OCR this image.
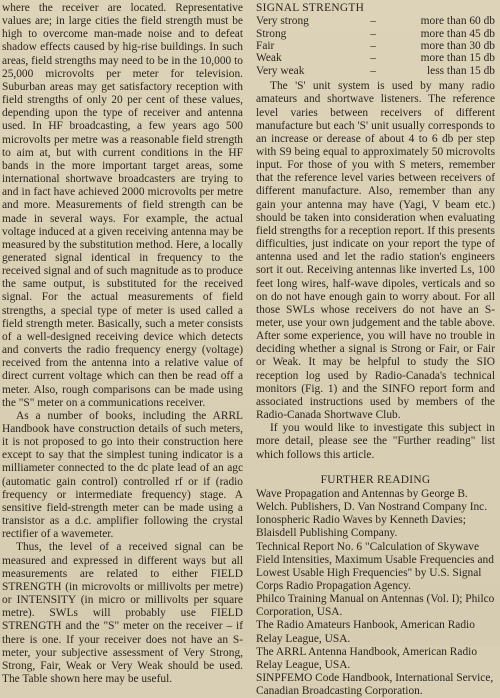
where the receiver are located. Representative values are; in large cities the field strength must be high to overcome man-made noise and to defeat shadow effects caused by hig-rise buildings. In such areas, field strengths may need to be in the 10,000 to 25,000 microvolts per meter for television. Suburban areas may get satisfactory reception with field strengths of only 20 per cent of these values, depending upon the type of receiver and antenna used. In HF broadcasting, a few years ago 500 microvolts per metre was a reasonable field strength to aim at, but with current conditions in the HF bands in the more important target areas, some international shortwave broadcasters are trying to and in fact have achieved 2000 microvolts per metre and more. Measurements of field strength can be made in several ways. For example, the actual voltage induced at a given receiving antenna may be measured by the substitution method. Here, a locally generated signal identical in frequency to the received signal and of such magnitude as to produce the same output, is substituted for the received signal. For the actual measurements of field strengths, a special type of meter is used called a field strength meter. Basically, such a meter consists of a well-designed receiving device which detects and converts the radio frequency energy (voltage) received from the antenna into a relative value of direct current voltage which can then be read off a meter. Also, rough comparisons can be made using the "S" meter on a communications receiver.

As a number of books, including the ARRL Handbook have construction details of such meters, it is not proposed to go into their construction here except to say that the simplest tuning indicator is a milliameter connected to the dc plate lead of an agc (automatic gain control) controlled rf or if (radio frequency or intermediate frequency) stage. A sensitive field-strength meter can be made using a transistor as a d.c. amplifier following the crystal rectifier of a wavemeter.

Thus, the level of a received signal can be measured and expressed in different ways but all measurements are related to either FIELD STRENGTH (in microvolts or millivolts per metre) or INTENSITY (in micro or millivolts per square metre). SWLs will probably use FIELD STRENGTH and the "S" meter on the receiver – if there is one. If your receiver does not have an S-meter, your subjective assessment of Very Strong, Strong, Fair, Weak or Very Weak should be used. The Table shown here may be useful.

SIGNAL STRENGTH
Very strong	–	more than 60 db
Strong	–	more than 45 db
Fair	–	more than 30 db
Weak	–	more than 15 db
Very weak	–	less than 15 db

The 'S' unit system is used by many radio amateurs and shortwave listeners. The reference level varies between receivers of different manufacture but each 'S' unit usually corresponds to an increase or derease of about 4 to 6 db per step with S9 being equal to approximately 50 microvolts input. For those of you with S meters, remember that the reference level varies between receivers of different manufacture. Also, remember than any gain your antenna may have (Yagi, V beam etc.) should be taken into consideration when evaluating field strengths for a reception report. If this presents difficulties, just indicate on your report the type of antenna used and let the radio station's engineers sort it out. Receiving antennas like inverted Ls, 100 feet long wires, half-wave dipoles, verticals and so on do not have enough gain to worry about. For all those SWLs whose receivers do not have an S-meter, use your own judgement and the table above. After some experience, you will have no trouble in deciding whether a signal is Strong or Fair, or Fair or Weak. It may be helpful to study the SIO reception log used by Radio-Canada's technical monitors (Fig. 1) and the SINFO report form and associated instructions used by members of the Radio-Canada Shortwave Club.

If you would like to investigate this subject in more detail, please see the "Further reading" list which follows this article.

FURTHER READING

Wave Propagation and Antennas by George B. Welch. Publishers, D. Van Nostrand Company Inc.

Ionospheric Radio Waves by Kenneth Davies; Blaisdell Publishing Company.

Technical Report No. 6 "Calculation of Skywave Field Intensities, Maximum Usable Frequencies and Lowest Usable High Frequencies" by U.S. Signal Corps Radio Propagation Agency.

Philco Training Manual on Antennas (Vol. I); Philco Corporation, USA.

The Radio Amateurs Hanbook, American Radio Relay League, USA.

The ARRL Antenna Handbook, American Radio Relay League, USA.

SINPFEMO Code Handbook, International Service, Canadian Broadcasting Corporation.
